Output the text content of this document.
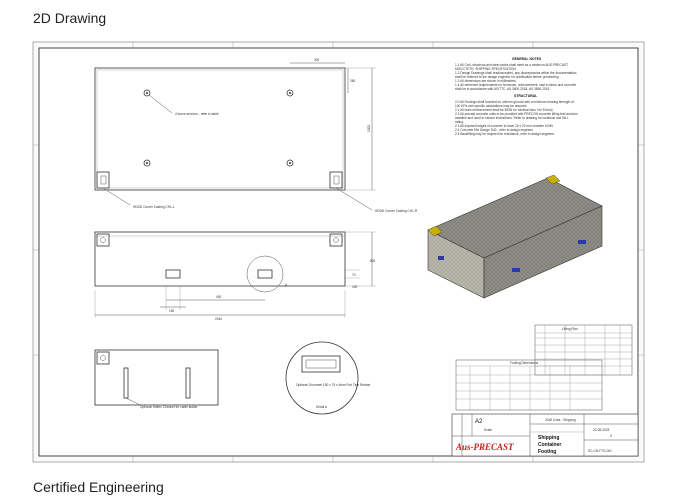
2D Drawing
300
260
1200
4 tonne anchors - refer to table
HDDD Corner Casting CH1-L
HDDD Corner Casting CH1-R
400
150
2440
800
70
150
A
Optional Halfen Channel for cable ladder
Optional Grommet 150 x 75 x 4mm Fort Tine Rebate
Detail A
GENERAL NOTES
1.1 All Civil, structural and steel works shall meet as a minimum AUS-PRECAST
MISCCTETIC SHIPPING SPECIFICATION.
1.2 Design Drawings shall read/accepted, any discrepancies within the documentation
shall be referred to the design engineer for clarification before proceeding.
1.3 All dimensions are shown in millimeters.
1.4 All reference requirements for formwork, reinforcement, cast in items and concrete
shall be in accordance with AS/TTC, AS 3600-2018, AS 3850-2015.
STRUCTURAL
2.0 All Footings shall founded on uniform ground with a minimum bearing strength of
100 KPa and specific calculations may be required.
2.1 All main reinforcement shall be 500N for minimal bars +w+10mm)
2.2 All precast concrete units to be provided with PRECON concrete lifting feet anchors
installed and used to vendor instructions. Refer to drawing for locations and WLL
rating.
2.3 All exposed edges of concrete to have 20 x 20 mm chamfer U/NN
2.4 Concrete Mix Design S40 - refer to design engineer
2.5 Backfilling may be required for resistance, refer to design engineer
Lifting Plan
Footing Dimensions
A2
Scale
Aus-PRECAST
20x8 Cube - Shipping
Shipping
Container
Footing
22-08-2023
0
SC-CN-FTG-001
Certified Engineering
